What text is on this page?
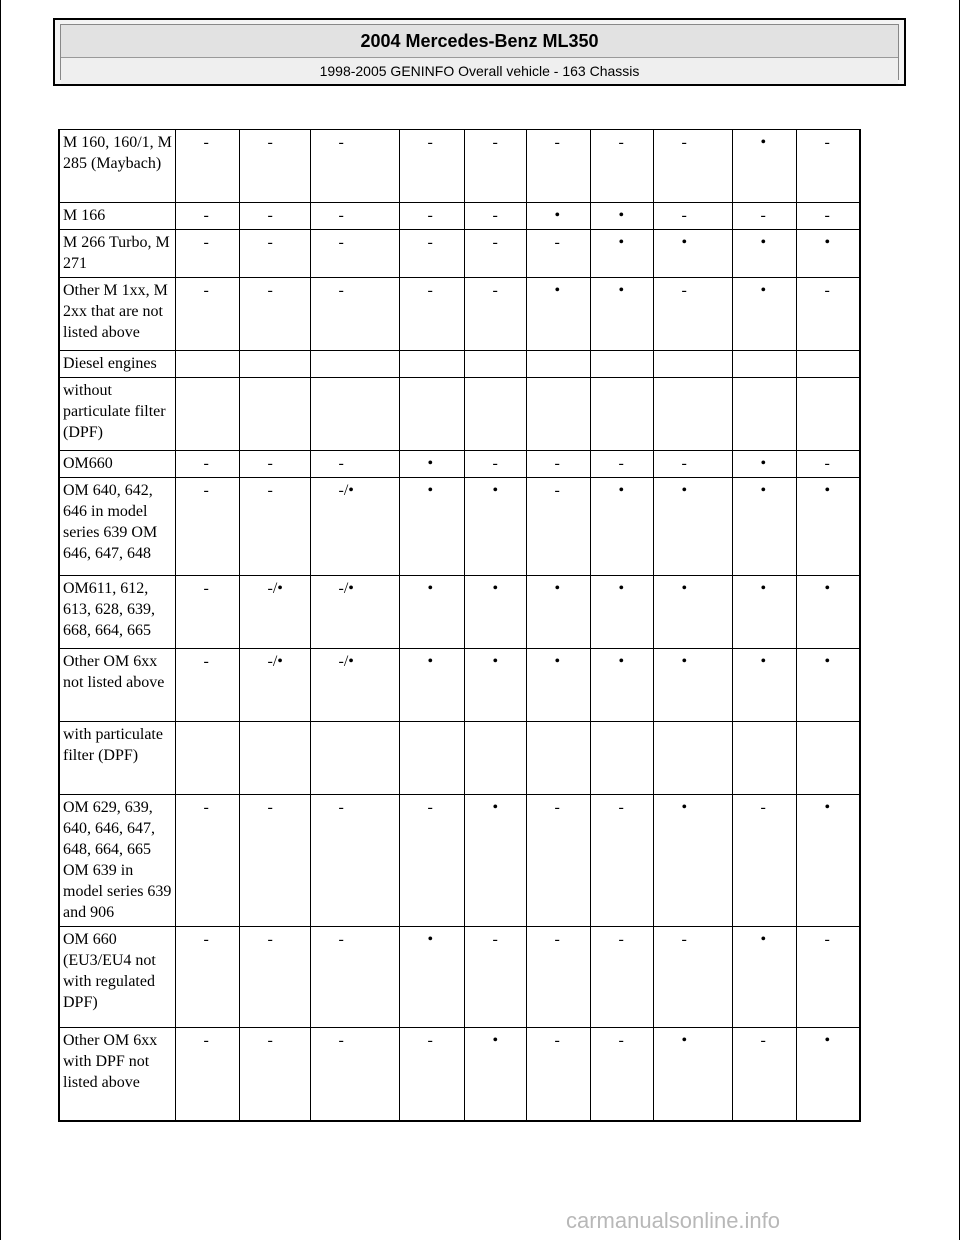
2004 Mercedes-Benz ML350
1998-2005 GENINFO Overall vehicle - 163 Chassis
M 160, 160/1, M 285 (Maybach)	-	-	-	-	-	-	-	-	•	-
M 166	-	-	-	-	-	•	•	-	-	-
M 266 Turbo, M 271	-	-	-	-	-	-	•	•	•	•
Other M 1xx, M 2xx that are not listed above	-	-	-	-	-	•	•	-	•	-
Diesel engines										
without particulate filter (DPF)										
OM660	-	-	-	•	-	-	-	-	•	-
OM 640, 642, 646 in model series 639 OM 646, 647, 648	-	-	-/•	•	•	-	•	•	•	•
OM611, 612, 613, 628, 639, 668, 664, 665	-	-/•	-/•	•	•	•	•	•	•	•
Other OM 6xx not listed above	-	-/•	-/•	•	•	•	•	•	•	•
with particulate filter (DPF)										
OM 629, 639, 640, 646, 647, 648, 664, 665 OM 639 in model series 639 and 906	-	-	-	-	•	-	-	•	-	•
OM 660 (EU3/EU4 not with regulated DPF)	-	-	-	•	-	-	-	-	•	-
Other OM 6xx with DPF not listed above	-	-	-	-	•	-	-	•	-	•
carmanualsonline.info
